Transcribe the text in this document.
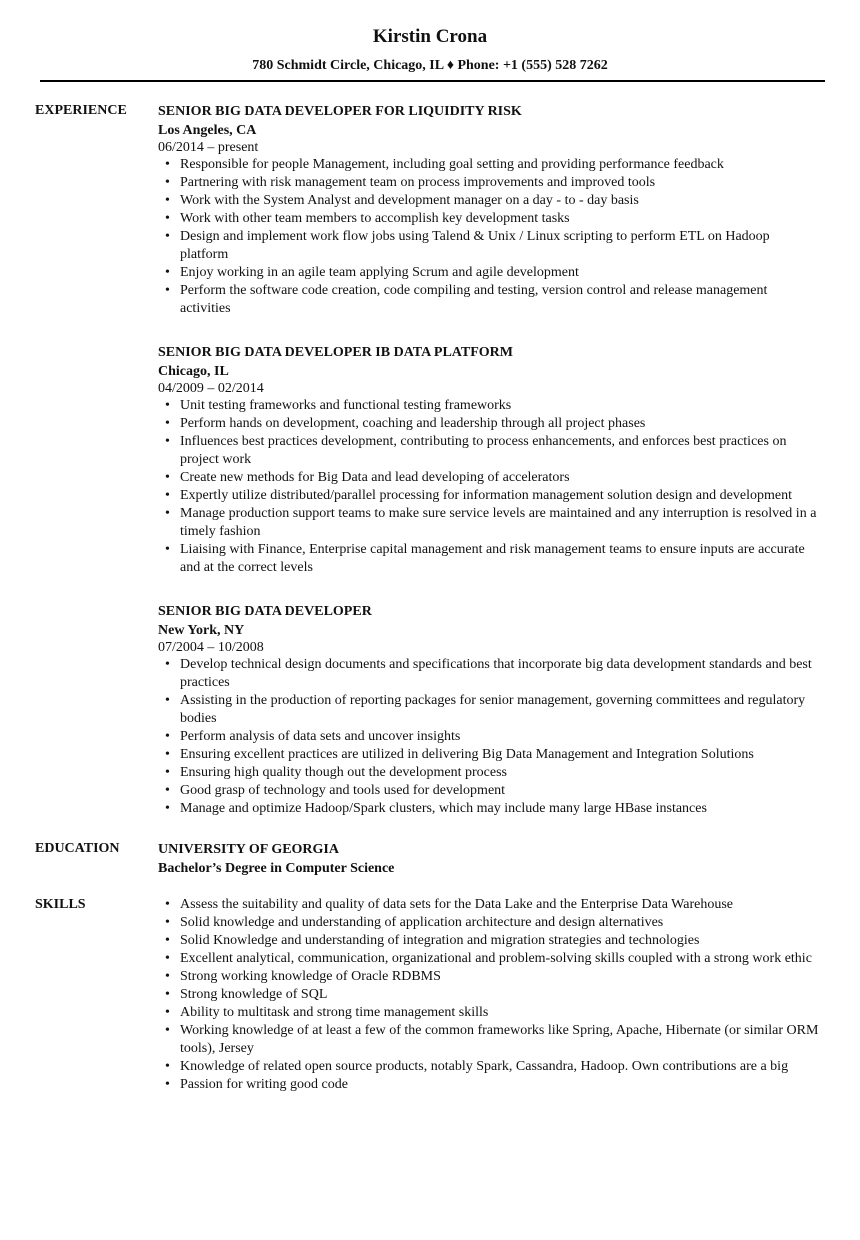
Kirstin Crona
780 Schmidt Circle, Chicago, IL ♦ Phone: +1 (555) 528 7262
EXPERIENCE	SENIOR BIG DATA DEVELOPER FOR LIQUIDITY RISK
Los Angeles, CA
06/2014 – present
• Responsible for people Management, including goal setting and providing performance feedback
• Partnering with risk management team on process improvements and improved tools
• Work with the System Analyst and development manager on a day - to - day basis
• Work with other team members to accomplish key development tasks
• Design and implement work flow jobs using Talend & Unix / Linux scripting to perform ETL on Hadoop platform
• Enjoy working in an agile team applying Scrum and agile development
• Perform the software code creation, code compiling and testing, version control and release management activities
SENIOR BIG DATA DEVELOPER IB DATA PLATFORM
Chicago, IL
04/2009 – 02/2014
• Unit testing frameworks and functional testing frameworks
• Perform hands on development, coaching and leadership through all project phases
• Influences best practices development, contributing to process enhancements, and enforces best practices on project work
• Create new methods for Big Data and lead developing of accelerators
• Expertly utilize distributed/parallel processing for information management solution design and development
• Manage production support teams to make sure service levels are maintained and any interruption is resolved in a timely fashion
• Liaising with Finance, Enterprise capital management and risk management teams to ensure inputs are accurate and at the correct levels
SENIOR BIG DATA DEVELOPER
New York, NY
07/2004 – 10/2008
• Develop technical design documents and specifications that incorporate big data development standards and best practices
• Assisting in the production of reporting packages for senior management, governing committees and regulatory bodies
• Perform analysis of data sets and uncover insights
• Ensuring excellent practices are utilized in delivering Big Data Management and Integration Solutions
• Ensuring high quality though out the development process
• Good grasp of technology and tools used for development
• Manage and optimize Hadoop/Spark clusters, which may include many large HBase instances
EDUCATION	UNIVERSITY OF GEORGIA
Bachelor’s Degree in Computer Science
SKILLS	• Assess the suitability and quality of data sets for the Data Lake and the Enterprise Data Warehouse
• Solid knowledge and understanding of application architecture and design alternatives
• Solid Knowledge and understanding of integration and migration strategies and technologies
• Excellent analytical, communication, organizational and problem-solving skills coupled with a strong work ethic
• Strong working knowledge of Oracle RDBMS
• Strong knowledge of SQL
• Ability to multitask and strong time management skills
• Working knowledge of at least a few of the common frameworks like Spring, Apache, Hibernate (or similar ORM tools), Jersey
• Knowledge of related open source products, notably Spark, Cassandra, Hadoop. Own contributions are a big
• Passion for writing good code
